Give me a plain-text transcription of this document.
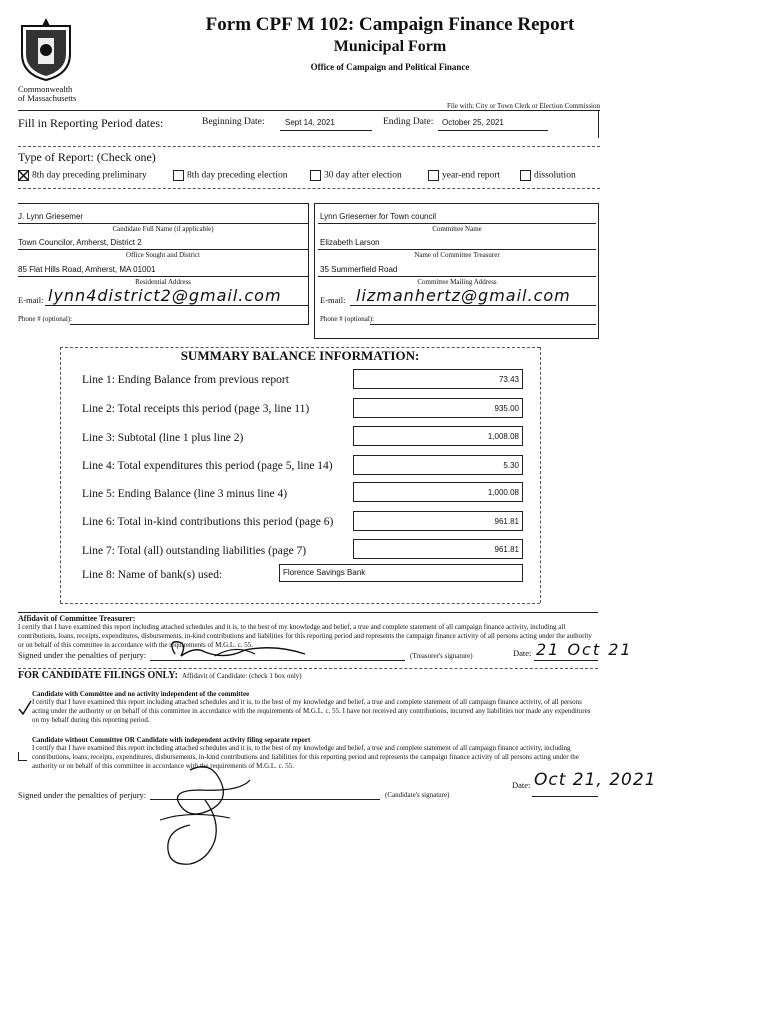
Commonwealth
of Massachusetts
Form CPF M 102: Campaign Finance Report
Municipal Form
Office of Campaign and Political Finance
File with: City or Town Clerk or Election Commission
Fill in Reporting Period dates:	Beginning Date:	Sept 14, 2021	Ending Date: October 25, 2021
Type of Report: (Check one)
8th day preceding preliminary	8th day preceding election	30 day after election	year-end report	dissolution
J. Lynn Griesemer
Candidate Full Name (if applicable)
Town Councilor, Amherst, District 2
Office Sought and District
85 Flat Hills Road, Amherst, MA 01001
Residential Address
E-mail: lynn4district2@gmail.com
Phone # (optional):
Lynn Griesemer for Town council
Committee Name
Elizabeth Larson
Name of Committee Treasurer
35 Summerfield Road
Committee Mailing Address
E-mail: lizmanhertz@gmail.com
Phone # (optional):
SUMMARY BALANCE INFORMATION:
Line 1: Ending Balance from previous report	73.43
Line 2: Total receipts this period (page 3, line 11)	935.00
Line 3: Subtotal (line 1 plus line 2)	1,008.08
Line 4: Total expenditures this period (page 5, line 14)	5.30
Line 5: Ending Balance (line 3 minus line 4)	1,000.08
Line 6: Total in-kind contributions this period (page 6)	961.81
Line 7: Total (all) outstanding liabilities (page 7)	961.81
Line 8: Name of bank(s) used:	Florence Savings Bank
Affidavit of Committee Treasurer:
I certify that I have examined this report including attached schedules and it is, to the best of my knowledge and belief, a true and complete statement of all campaign finance activity, including all contributions, loans, receipts, expenditures, disbursements, in-kind contributions and liabilities for this reporting period and represents the campaign finance activity of all persons acting under the authority or on behalf of this committee in accordance with the requirements of M.G.L. c. 55.
Signed under the penalties of perjury:	(Treasurer's signature)	Date: 21 Oct 21
FOR CANDIDATE FILINGS ONLY: Affidavit of Candidate: (check 1 box only)
Candidate with Committee and no activity independent of the committee
I certify that I have examined this report including attached schedules and it is, to the best of my knowledge and belief, a true and complete statement of all campaign finance activity, of all persons acting under the authority or on behalf of this committee in accordance with the requirements of M.G.L. c. 55. I have not received any contributions, incurred any liabilities nor made any expenditures on my behalf during this reporting period.
Candidate without Committee OR Candidate with independent activity filing separate report
I certify that I have examined this report including attached schedules and it is, to the best of my knowledge and belief, a true and complete statement of all campaign finance activity, including contributions, loans, receipts, expenditures, disbursements, in-kind contributions and liabilities for this reporting period and represents the campaign finance activity of all persons acting under the authority or on behalf of this committee in accordance with the requirements of M.G.L. c. 55.
Signed under the penalties of perjury:	(Candidate's signature)
Date: Oct 21, 2021
